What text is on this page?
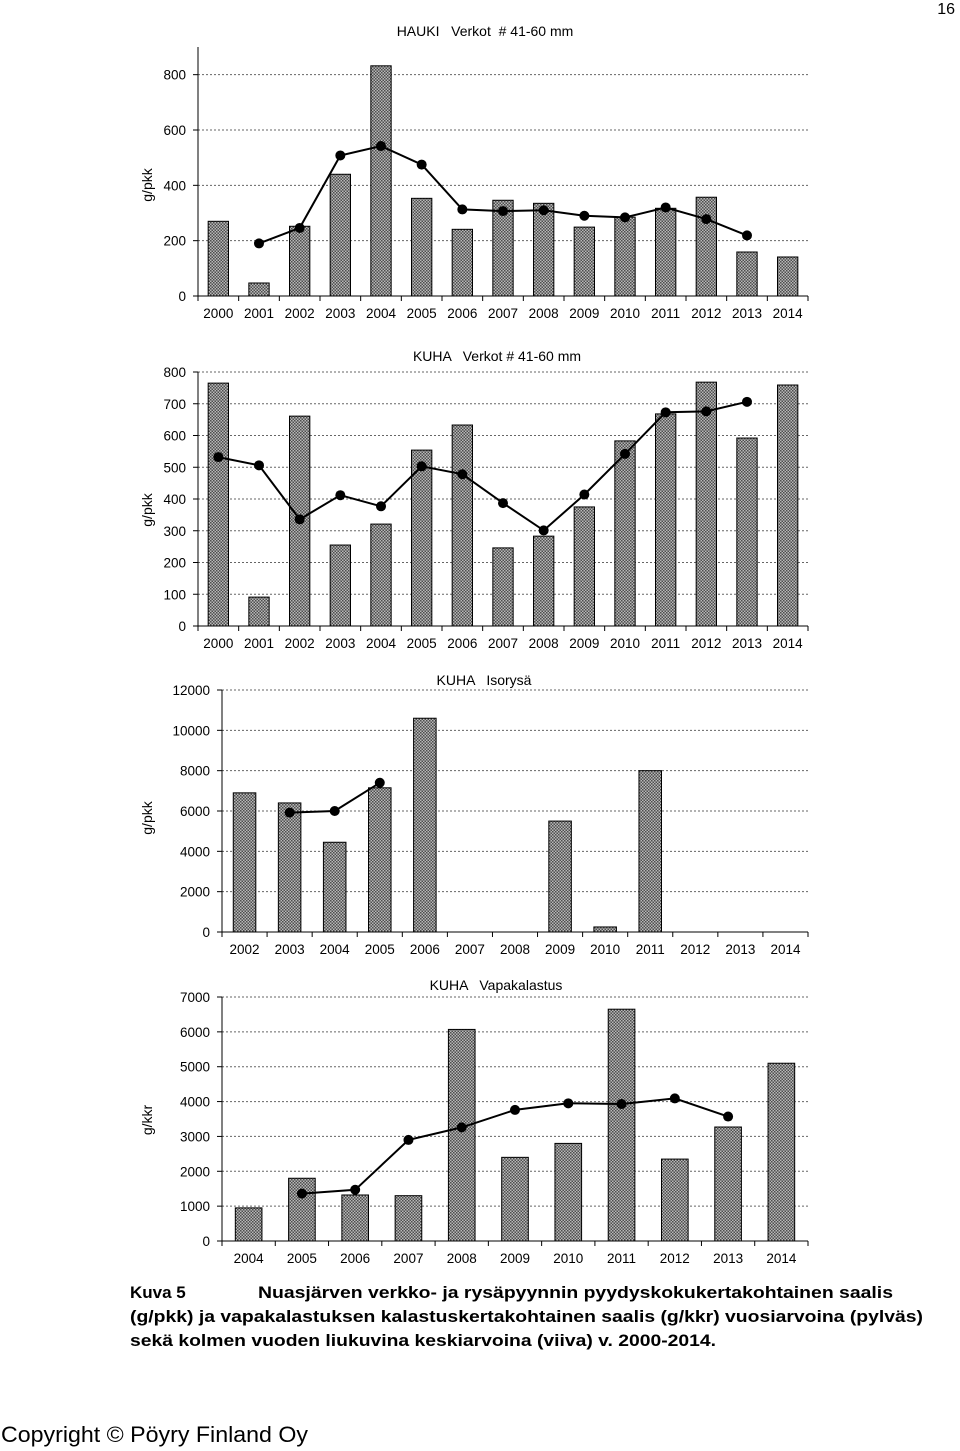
16
HAUKI   Verkot  # 41-60 mm
g/pkk
0
200
400
600
800
2000 2001 2002 2003 2004 2005 2006 2007 2008 2009 2010 2011 2012 2013 2014
KUHA   Verkot # 41-60 mm
g/pkk
0
100
200
300
400
500
600
700
800
2000 2001 2002 2003 2004 2005 2006 2007 2008 2009 2010 2011 2012 2013 2014
KUHA   Isorysä
g/pkk
0
2000
4000
6000
8000
10000
12000
2002 2003 2004 2005 2006 2007 2008 2009 2010 2011 2012 2013 2014
KUHA   Vapakalastus
g/kkr
0
1000
2000
3000
4000
5000
6000
7000
2004 2005 2006 2007 2008 2009 2010 2011 2012 2013 2014
Kuva 5	Nuasjärven verkko- ja rysäpyynnin pyydyskokukertakohtainen saalis
(g/pkk) ja vapakalastuksen kalastuskertakohtainen saalis (g/kkr) vuosiarvoina (pylväs)
sekä kolmen vuoden liukuvina keskiarvoina (viiva) v. 2000-2014.
Copyright © Pöyry Finland Oy
